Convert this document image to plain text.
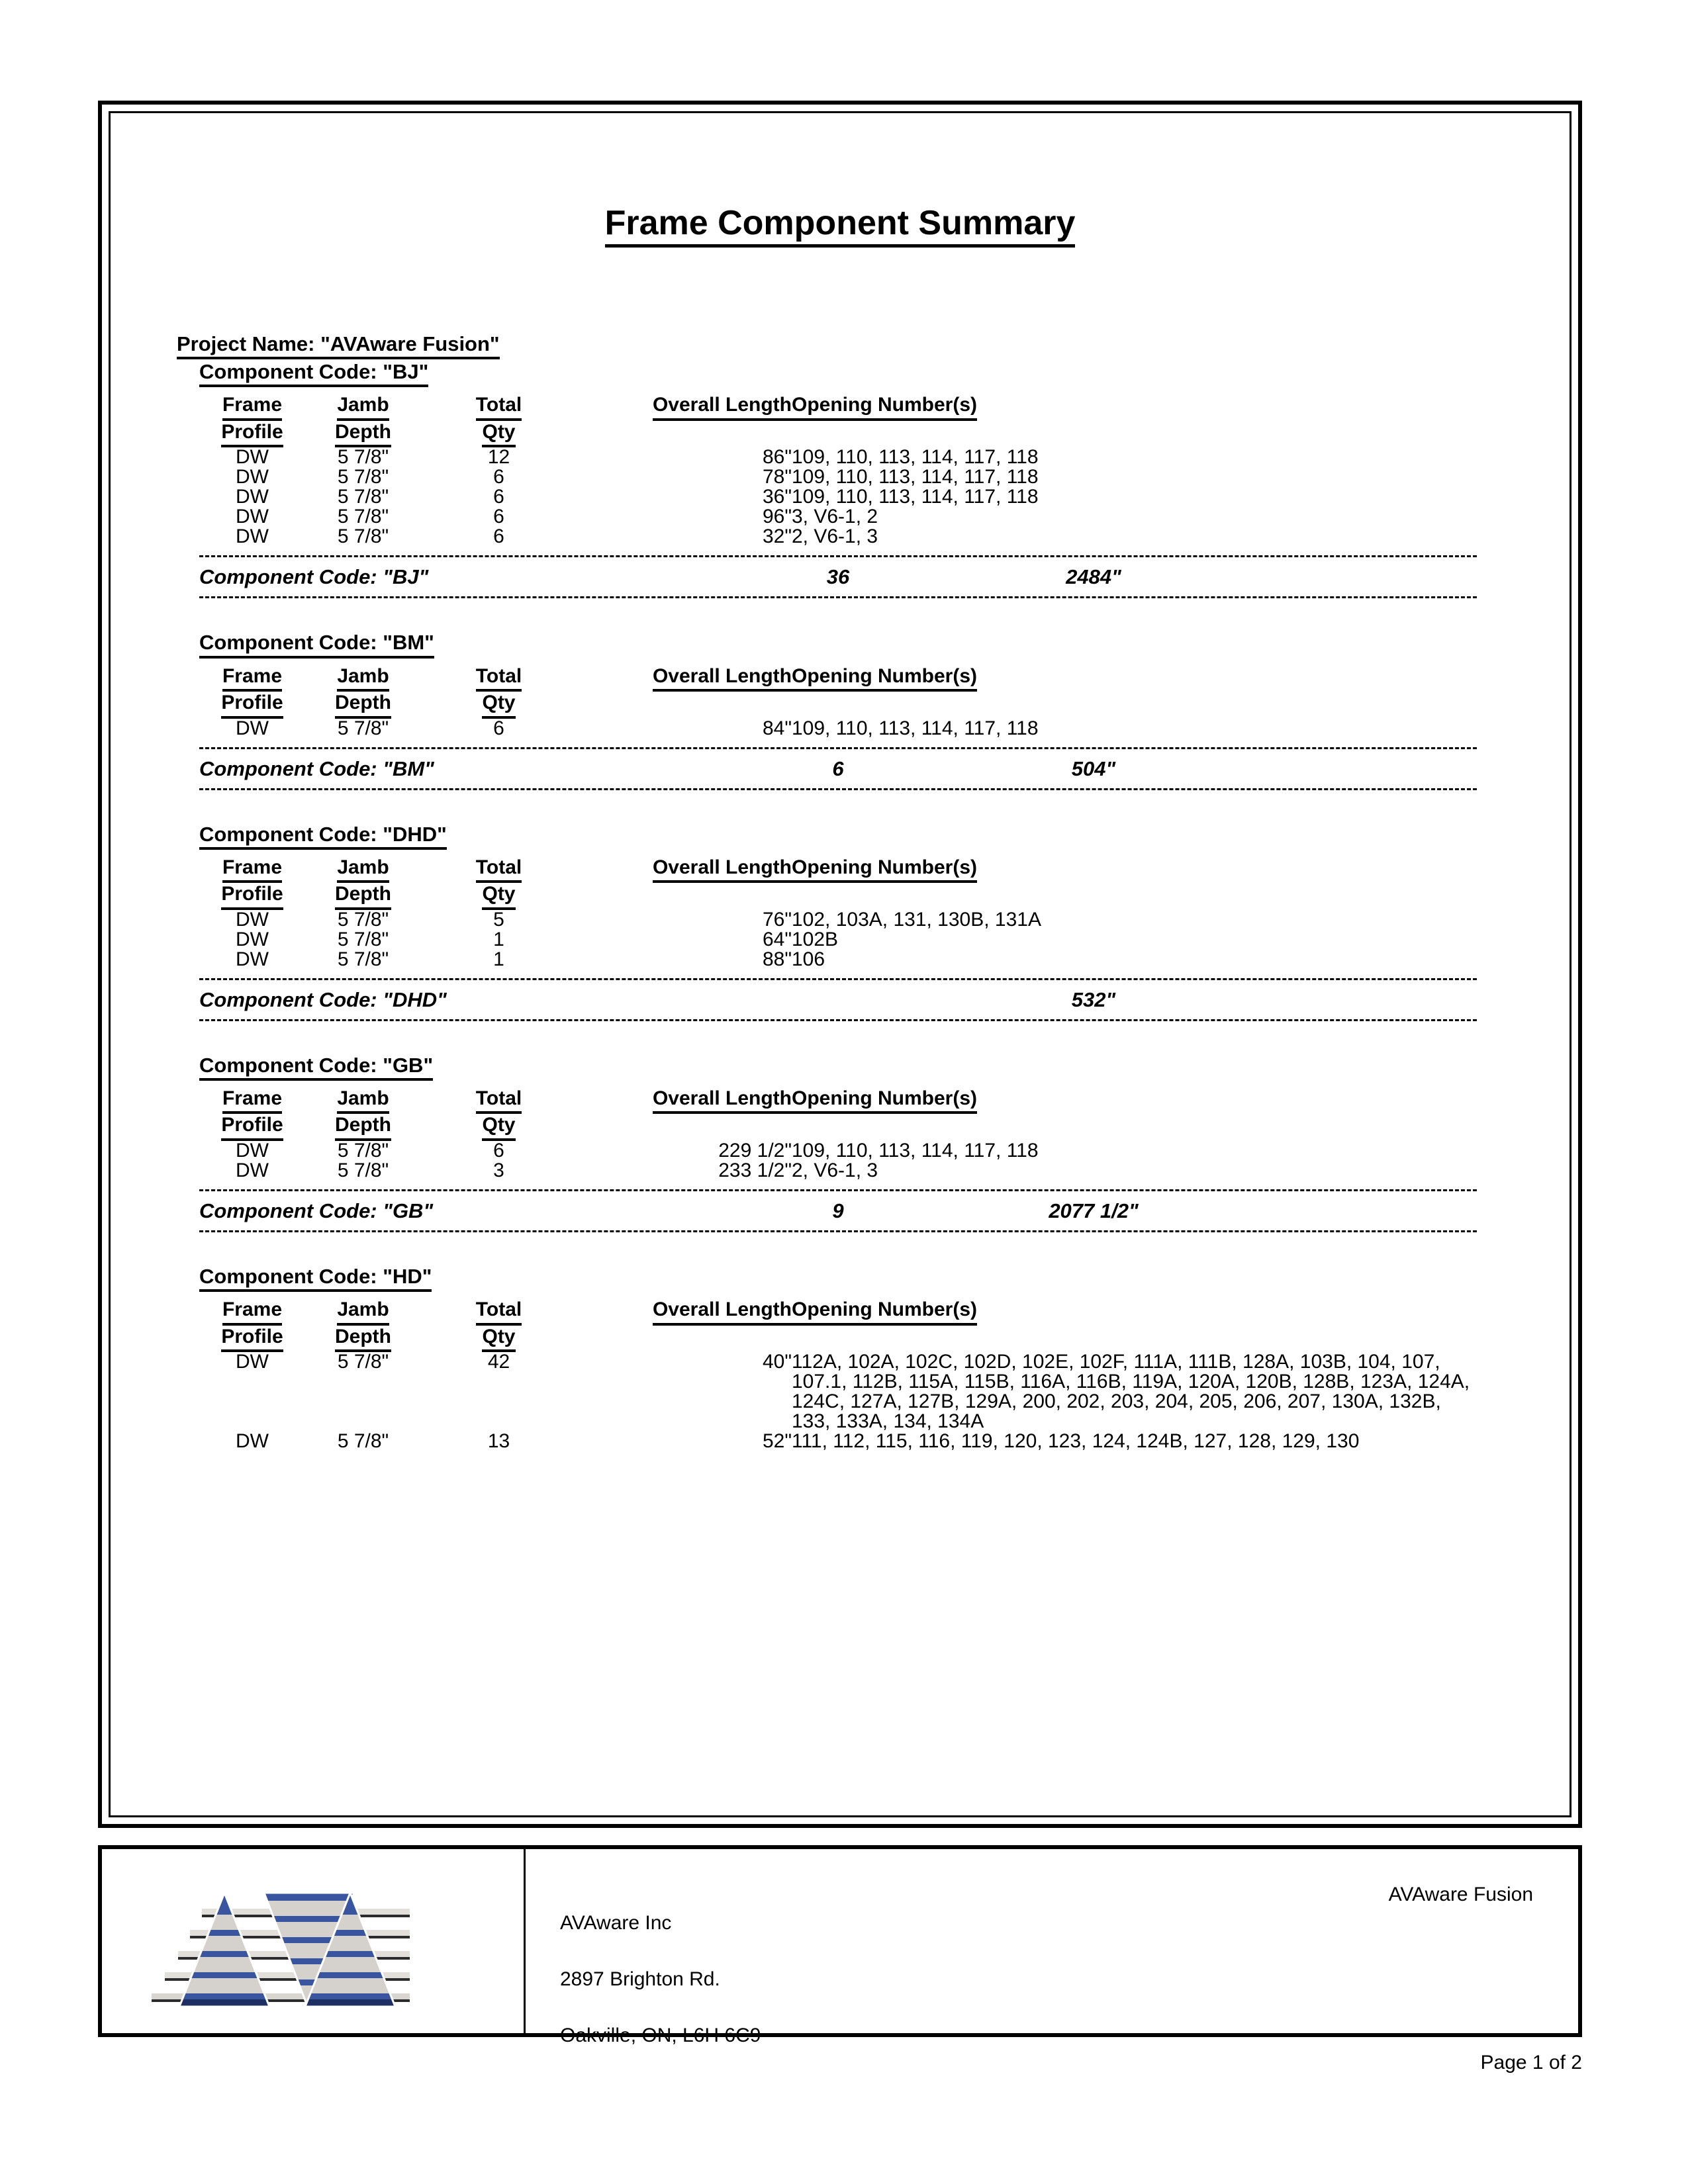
Frame Component Summary
Project Name: "AVAware Fusion"
Component Code: "BJ"
Frame	Jamb	Total	Overall Length	Opening Number(s)
Profile	Depth	Qty		
DW	5 7/8"	12	86"	109, 110, 113, 114, 117, 118
DW	5 7/8"	6	78"	109, 110, 113, 114, 117, 118
DW	5 7/8"	6	36"	109, 110, 113, 114, 117, 118
DW	5 7/8"	6	96"	3, V6-1, 2
DW	5 7/8"	6	32"	2, V6-1, 3
Component Code: "BJ"	36	2484"	
Component Code: "BM"
Frame	Jamb	Total	Overall Length	Opening Number(s)
Profile	Depth	Qty		
DW	5 7/8"	6	84"	109, 110, 113, 114, 117, 118
Component Code: "BM"	6	504"	
Component Code: "DHD"
Frame	Jamb	Total	Overall Length	Opening Number(s)
Profile	Depth	Qty		
DW	5 7/8"	5	76"	102, 103A, 131, 130B, 131A
DW	5 7/8"	1	64"	102B
DW	5 7/8"	1	88"	106
Component Code: "DHD"		532"	
Component Code: "GB"
Frame	Jamb	Total	Overall Length	Opening Number(s)
Profile	Depth	Qty		
DW	5 7/8"	6	229 1/2"	109, 110, 113, 114, 117, 118
DW	5 7/8"	3	233 1/2"	2, V6-1, 3
Component Code: "GB"	9	2077 1/2"	
Component Code: "HD"
Frame	Jamb	Total	Overall Length	Opening Number(s)
Profile	Depth	Qty		
DW	5 7/8"	42	40"	112A, 102A, 102C, 102D, 102E, 102F, 111A, 111B, 128A, 103B, 104, 107, 107.1, 112B, 115A, 115B, 116A, 116B, 119A, 120A, 120B, 128B, 123A, 124A, 124C, 127A, 127B, 129A, 200, 202, 203, 204, 205, 206, 207, 130A, 132B, 133, 133A, 134, 134A
DW	5 7/8"	13	52"	111, 112, 115, 116, 119, 120, 123, 124, 124B, 127, 128, 129, 130

AVAware Inc

2897 Brighton Rd.

Oakville, ON, L6H 6C9

AVAware Fusion
Page 1 of 2
